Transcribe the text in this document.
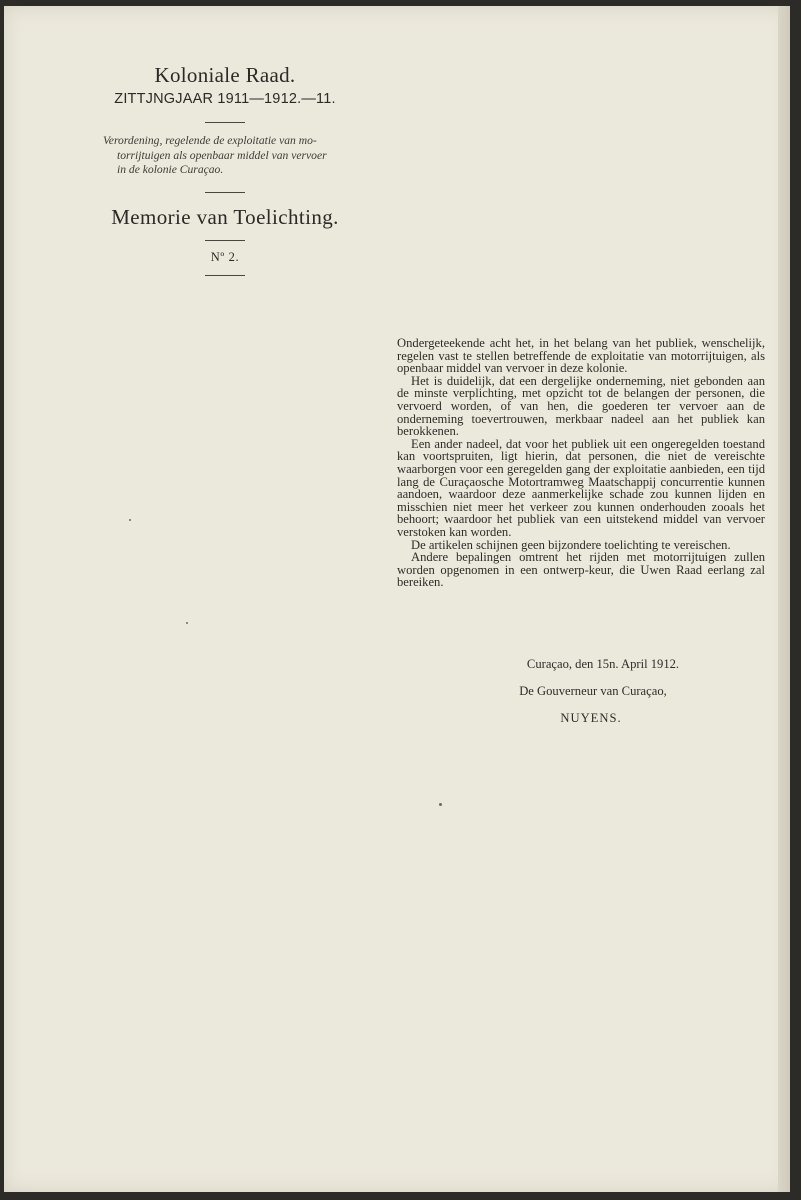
Koloniale Raad.
ZITTJNGJAAR 1911—1912.—11.
Verordening, regelende de exploitatie van mo-
torrijtuigen als openbaar middel van vervoer
in de kolonie Curaçao.
Memorie van Toelichting.
Nº 2.

Ondergeteekende acht het, in het belang van het publiek, wenschelijk, regelen vast te stellen betreffende de exploitatie van motorrijtuigen, als openbaar middel van vervoer in deze kolonie.

Het is duidelijk, dat een dergelijke onderneming, niet gebonden aan de minste verplichting, met opzicht tot de belangen der personen, die vervoerd worden, of van hen, die goederen ter vervoer aan de onderneming toevertrouwen, merkbaar nadeel aan het publiek kan berokkenen.

Een ander nadeel, dat voor het publiek uit een ongeregelden toestand kan voortspruiten, ligt hierin, dat personen, die niet de vereischte waarborgen voor een geregelden gang der exploitatie aanbieden, een tijd lang de Curaçaosche Motortramweg Maatschappij concurrentie kunnen aandoen, waardoor deze aanmerkelijke schade zou kunnen lijden en misschien niet meer het verkeer zou kunnen onderhouden zooals het behoort; waardoor het publiek van een uitstekend middel van vervoer verstoken kan worden.

De artikelen schijnen geen bijzondere toelichting te vereischen.

Andere bepalingen omtrent het rijden met motorrijtuigen zullen worden opgenomen in een ontwerp-keur, die Uwen Raad eerlang zal bereiken.

Curaçao, den 15n. April 1912.
De Gouverneur van Curaçao,
NUYENS.
